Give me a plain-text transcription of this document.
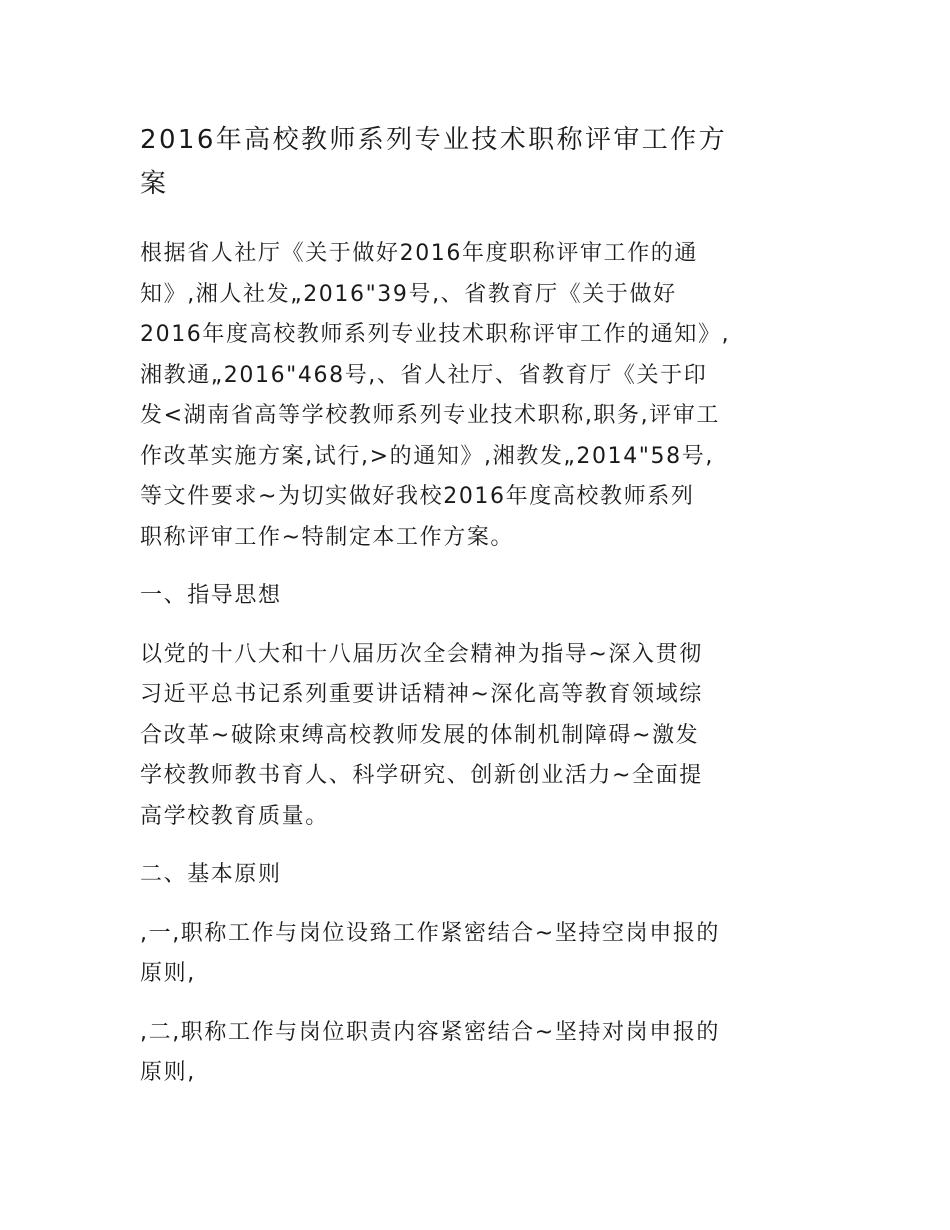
2016年高校教师系列专业技术职称评审工作方
案

根据省人社厅《关于做好2016年度职称评审工作的通
知》,湘人社发„2016"39号,、省教育厅《关于做好
2016年度高校教师系列专业技术职称评审工作的通知》,
湘教通„2016"468号,、省人社厅、省教育厅《关于印
发<湖南省高等学校教师系列专业技术职称,职务,评审工
作改革实施方案,试行,>的通知》,湘教发„2014"58号,
等文件要求~为切实做好我校2016年度高校教师系列
职称评审工作~特制定本工作方案。

一、指导思想

以党的十八大和十八届历次全会精神为指导~深入贯彻
习近平总书记系列重要讲话精神~深化高等教育领域综
合改革~破除束缚高校教师发展的体制机制障碍~激发
学校教师教书育人、科学研究、创新创业活力~全面提
高学校教育质量。

二、基本原则

,一,职称工作与岗位设臵工作紧密结合~坚持空岗申报的
原则,

,二,职称工作与岗位职责内容紧密结合~坚持对岗申报的
原则,
